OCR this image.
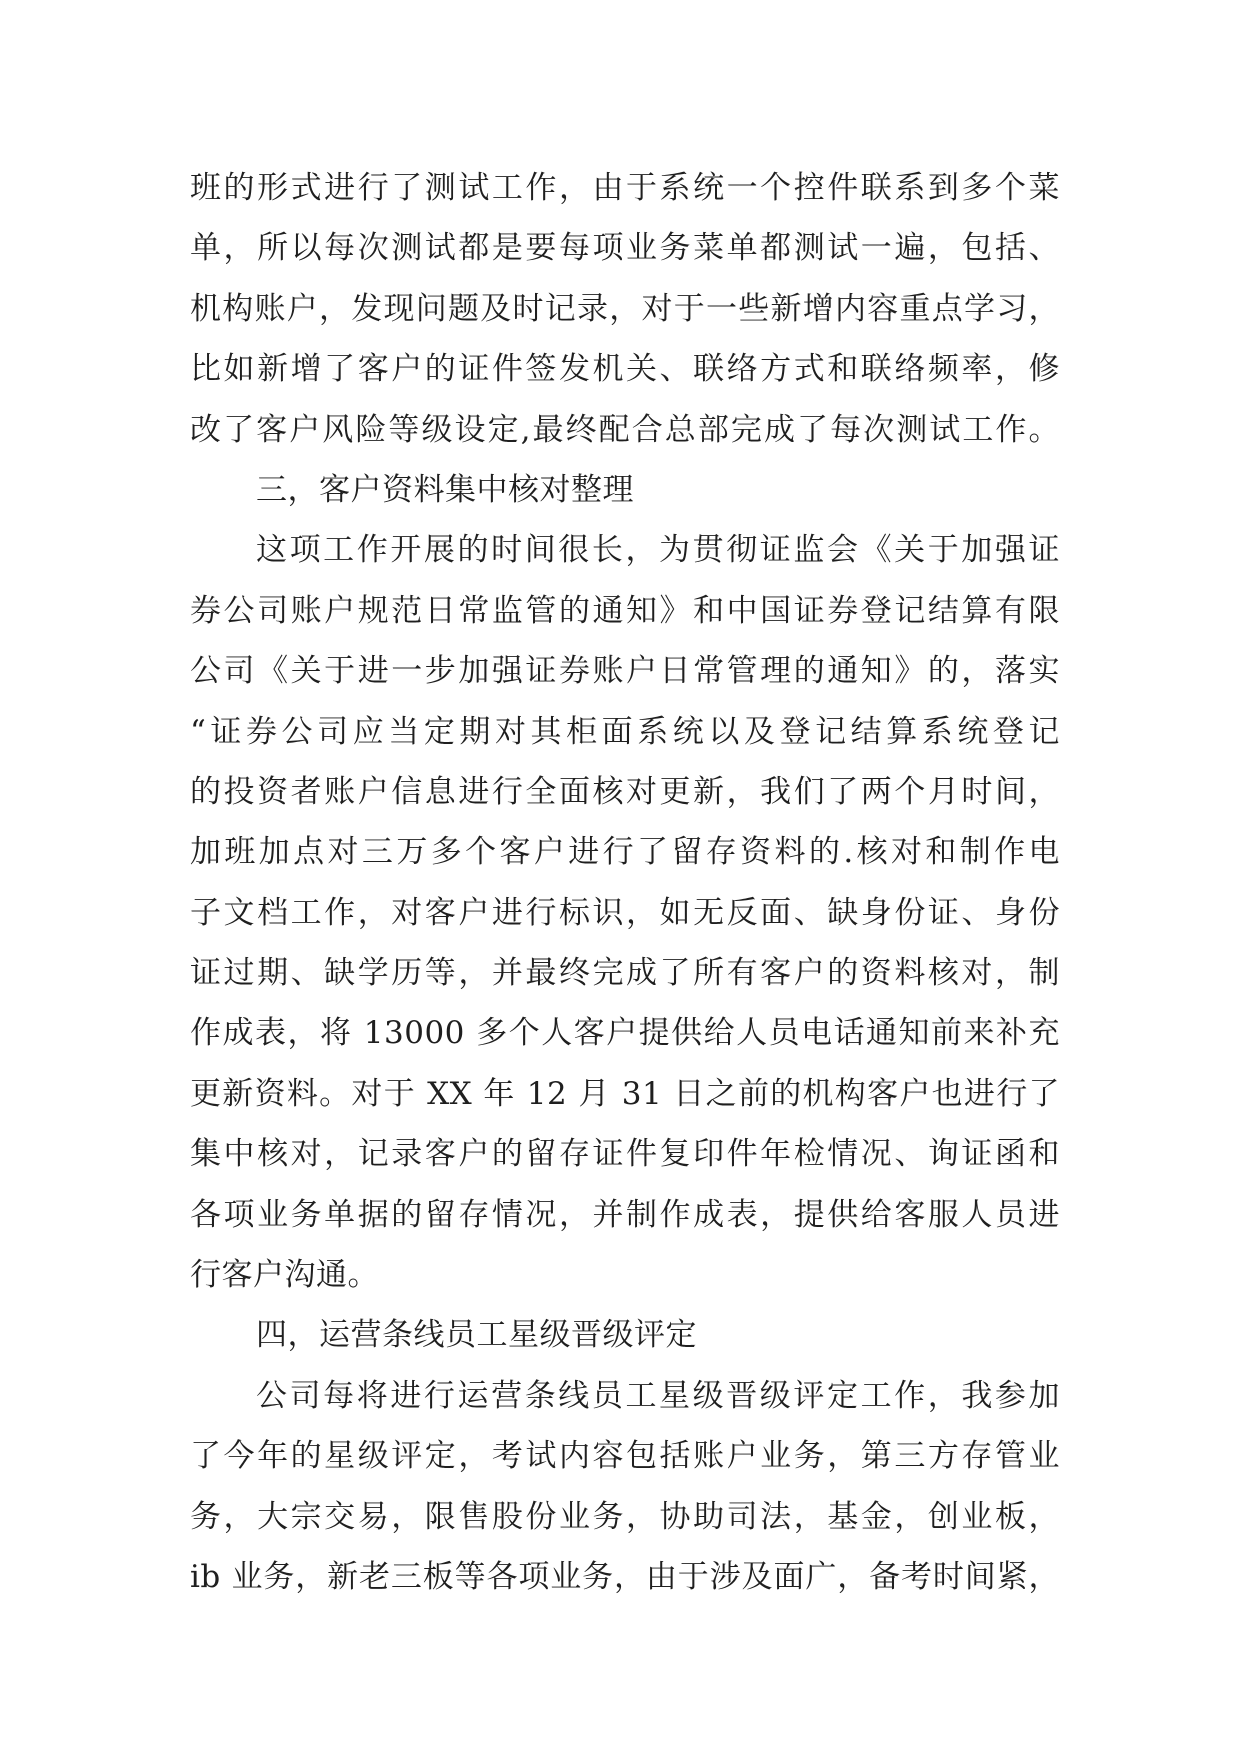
班的形式进行了测试工作，由于系统一个控件联系到多个菜
单，所以每次测试都是要每项业务菜单都测试一遍，包括、
机构账户，发现问题及时记录，对于一些新增内容重点学习，
比如新增了客户的证件签发机关、联络方式和联络频率，修
改了客户风险等级设定,最终配合总部完成了每次测试工作。
三，客户资料集中核对整理
这项工作开展的时间很长，为贯彻证监会《关于加强证
券公司账户规范日常监管的通知》和中国证券登记结算有限
公司《关于进一步加强证券账户日常管理的通知》的，落实
“证券公司应当定期对其柜面系统以及登记结算系统登记
的投资者账户信息进行全面核对更新，我们了两个月时间，
加班加点对三万多个客户进行了留存资料的.核对和制作电
子文档工作，对客户进行标识，如无反面、缺身份证、身份
证过期、缺学历等，并最终完成了所有客户的资料核对，制
作成表，将 13000 多个人客户提供给人员电话通知前来补充
更新资料。对于 XX 年 12 月 31 日之前的机构客户也进行了
集中核对，记录客户的留存证件复印件年检情况、询证函和
各项业务单据的留存情况，并制作成表，提供给客服人员进
行客户沟通。
四，运营条线员工星级晋级评定
公司每将进行运营条线员工星级晋级评定工作，我参加
了今年的星级评定，考试内容包括账户业务，第三方存管业
务，大宗交易，限售股份业务，协助司法，基金，创业板，
ib 业务，新老三板等各项业务，由于涉及面广，备考时间紧，
